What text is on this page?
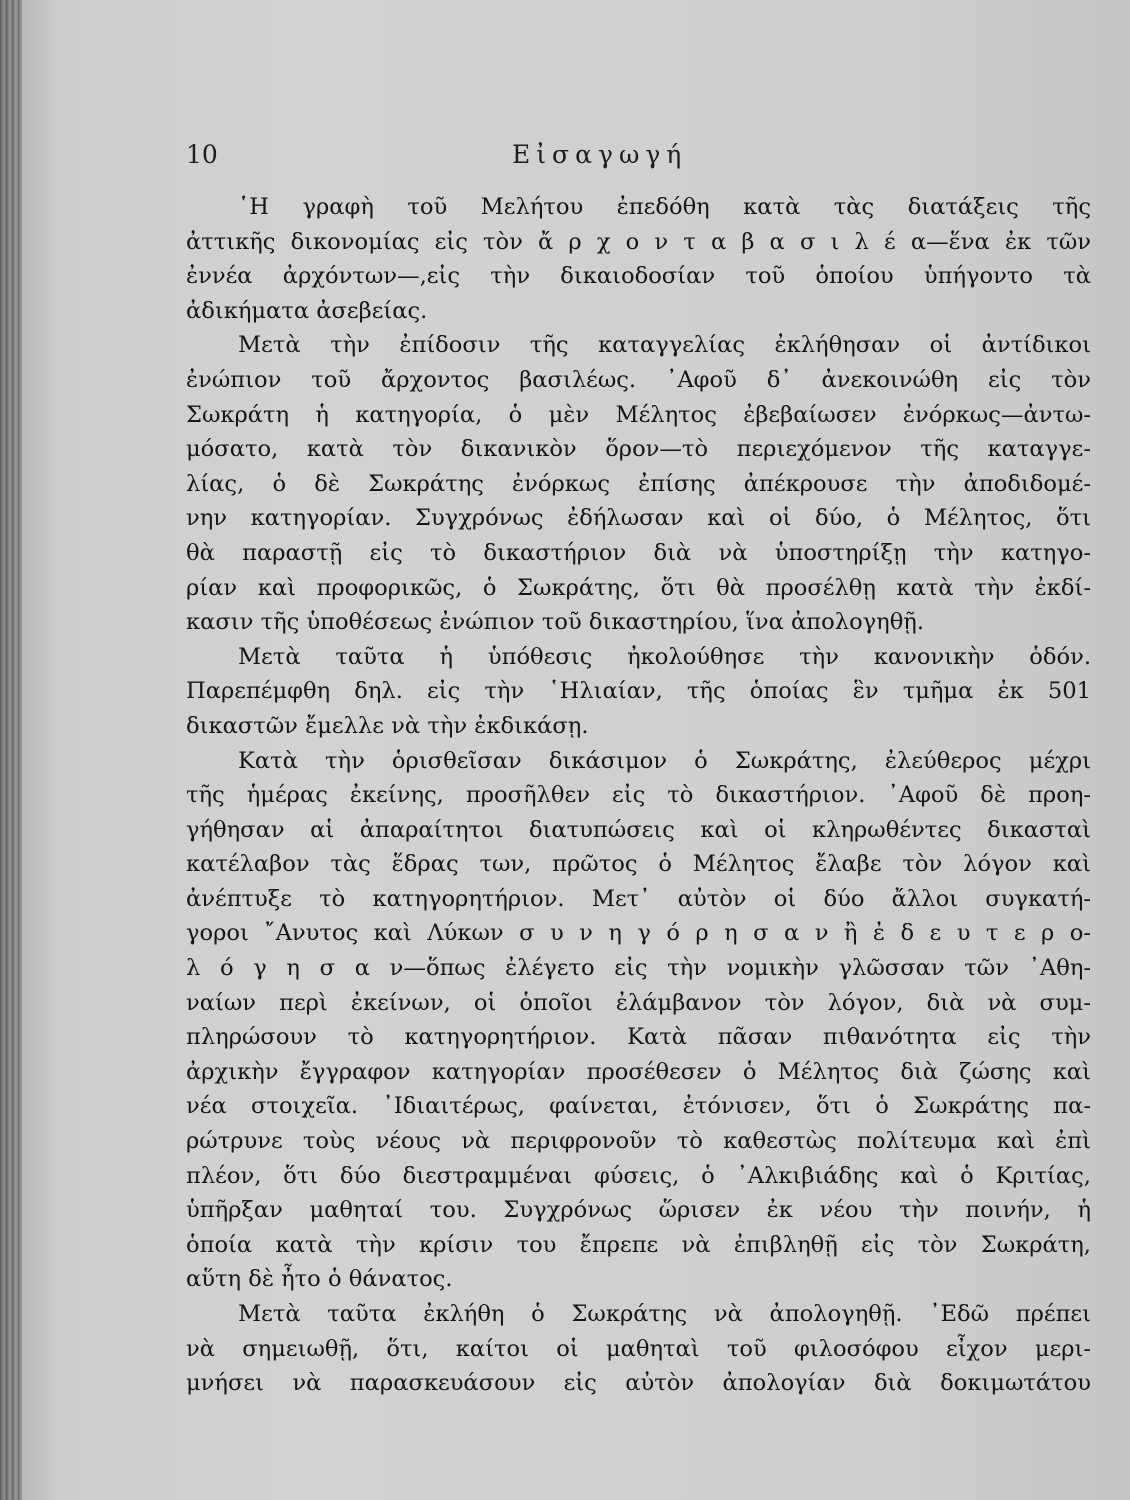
10	Εἰσαγωγή

῾Η γραφὴ τοῦ Μελήτου ἐπεδόθη κατὰ τὰς διατάξεις τῆς
ἀττικῆς δικονομίας εἰς τὸν ἄ ρ χ ο ν τ α β α σ ι λ έ α—ἕνα ἐκ τῶν
ἐννέα ἀρχόντων—,εἰς τὴν δικαιοδοσίαν τοῦ ὁποίου ὑπήγοντο τὰ
ἀδικήματα ἀσεβείας.

Μετὰ τὴν ἐπίδοσιν τῆς καταγγελίας ἐκλήθησαν οἱ ἀντίδικοι
ἐνώπιον τοῦ ἄρχοντος βασιλέως. ᾿Αφοῦ δ᾿ ἀνεκοινώθη εἰς τὸν
Σωκράτη ἡ κατηγορία, ὁ μὲν Μέλητος ἐβεβαίωσεν ἐνόρκως—ἀντω-
μόσατο, κατὰ τὸν δικανικὸν ὅρον—τὸ περιεχόμενον τῆς καταγγε-
λίας, ὁ δὲ Σωκράτης ἐνόρκως ἐπίσης ἀπέκρουσε τὴν ἀποδιδομέ-
νην κατηγορίαν. Συγχρόνως ἐδήλωσαν καὶ οἱ δύο, ὁ Μέλητος, ὅτι
θὰ παραστῇ εἰς τὸ δικαστήριον διὰ νὰ ὑποστηρίξῃ τὴν κατηγο-
ρίαν καὶ προφορικῶς, ὁ Σωκράτης, ὅτι θὰ προσέλθῃ κατὰ τὴν ἐκδί-
κασιν τῆς ὑποθέσεως ἐνώπιον τοῦ δικαστηρίου, ἵνα ἀπολογηθῇ.

Μετὰ ταῦτα ἡ ὑπόθεσις ἠκολούθησε τὴν κανονικὴν ὁδόν.
Παρεπέμφθη δηλ. εἰς τὴν ῾Ηλιαίαν, τῆς ὁποίας ἓν τμῆμα ἐκ 501
δικαστῶν ἔμελλε νὰ τὴν ἐκδικάσῃ.

Κατὰ τὴν ὁρισθεῖσαν δικάσιμον ὁ Σωκράτης, ἐλεύθερος μέχρι
τῆς ἡμέρας ἐκείνης, προσῆλθεν εἰς τὸ δικαστήριον. ᾿Αφοῦ δὲ προη-
γήθησαν αἱ ἀπαραίτητοι διατυπώσεις καὶ οἱ κληρωθέντες δικασταὶ
κατέλαβον τὰς ἕδρας των, πρῶτος ὁ Μέλητος ἔλαβε τὸν λόγον καὶ
ἀνέπτυξε τὸ κατηγορητήριον. Μετ᾿ αὐτὸν οἱ δύο ἄλλοι συγκατή-
γοροι ῎Ανυτος καὶ Λύκων σ υ ν η γ ό ρ η σ α ν ἢ ἐ δ ε υ τ ε ρ ο-
λ ό γ η σ α ν—ὅπως ἐλέγετο εἰς τὴν νομικὴν γλῶσσαν τῶν ᾿Αθη-
ναίων περὶ ἐκείνων, οἱ ὁποῖοι ἐλάμβανον τὸν λόγον, διὰ νὰ συμ-
πληρώσουν τὸ κατηγορητήριον. Κατὰ πᾶσαν πιθανότητα εἰς τὴν
ἀρχικὴν ἔγγραφον κατηγορίαν προσέθεσεν ὁ Μέλητος διὰ ζώσης καὶ
νέα στοιχεῖα. ᾿Ιδιαιτέρως, φαίνεται, ἐτόνισεν, ὅτι ὁ Σωκράτης πα-
ρώτρυνε τοὺς νέους νὰ περιφρονοῦν τὸ καθεστὼς πολίτευμα καὶ ἐπὶ
πλέον, ὅτι δύο διεστραμμέναι φύσεις, ὁ ᾿Αλκιβιάδης καὶ ὁ Κριτίας,
ὑπῆρξαν μαθηταί του. Συγχρόνως ὥρισεν ἐκ νέου τὴν ποινήν, ἡ
ὁποία κατὰ τὴν κρίσιν του ἔπρεπε νὰ ἐπιβληθῇ εἰς τὸν Σωκράτη,
αὕτη δὲ ἦτο ὁ θάνατος.

Μετὰ ταῦτα ἐκλήθη ὁ Σωκράτης νὰ ἀπολογηθῇ. ᾿Εδῶ πρέπει
νὰ σημειωθῇ, ὅτι, καίτοι οἱ μαθηταὶ τοῦ φιλοσόφου εἶχον μερι-
μνήσει νὰ παρασκευάσουν εἰς αὐτὸν ἀπολογίαν διὰ δοκιμωτάτου
